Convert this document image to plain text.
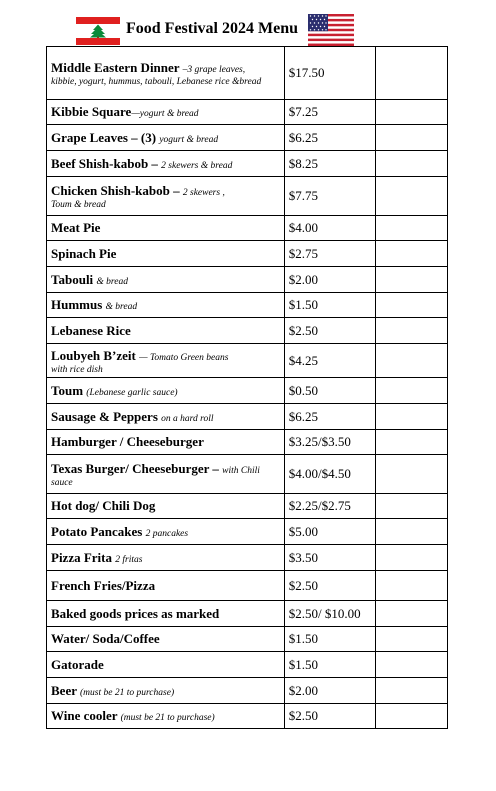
Food Festival 2024 Menu
Middle Eastern Dinner –3 grape leaves,
kibbie, yogurt, hummus, tabouli, Lebanese rice &bread	$17.50	
Kibbie Square—yogurt & bread	$7.25	
Grape Leaves – (3) yogurt & bread	$6.25	
Beef Shish-kabob – 2 skewers & bread	$8.25	
Chicken Shish-kabob – 2 skewers ,
Toum & bread	$7.75	
Meat Pie	$4.00	
Spinach Pie	$2.75	
Tabouli & bread	$2.00	
Hummus & bread	$1.50	
Lebanese Rice	$2.50	
Loubyeh B’zeit — Tomato Green beans
with rice dish	$4.25	
Toum (Lebanese garlic sauce)	$0.50	
Sausage & Peppers on a hard roll	$6.25	
Hamburger / Cheeseburger	$3.25/$3.50	
Texas Burger/ Cheeseburger – with Chili
sauce	$4.00/$4.50	
Hot dog/ Chili Dog	$2.25/$2.75	
Potato Pancakes 2 pancakes	$5.00	
Pizza Frita 2 fritas	$3.50	
French Fries/Pizza	$2.50	
Baked goods prices as marked	$2.50/ $10.00	
Water/ Soda/Coffee	$1.50	
Gatorade	$1.50	
Beer (must be 21 to purchase)	$2.00	
Wine cooler (must be 21 to purchase)	$2.50	
